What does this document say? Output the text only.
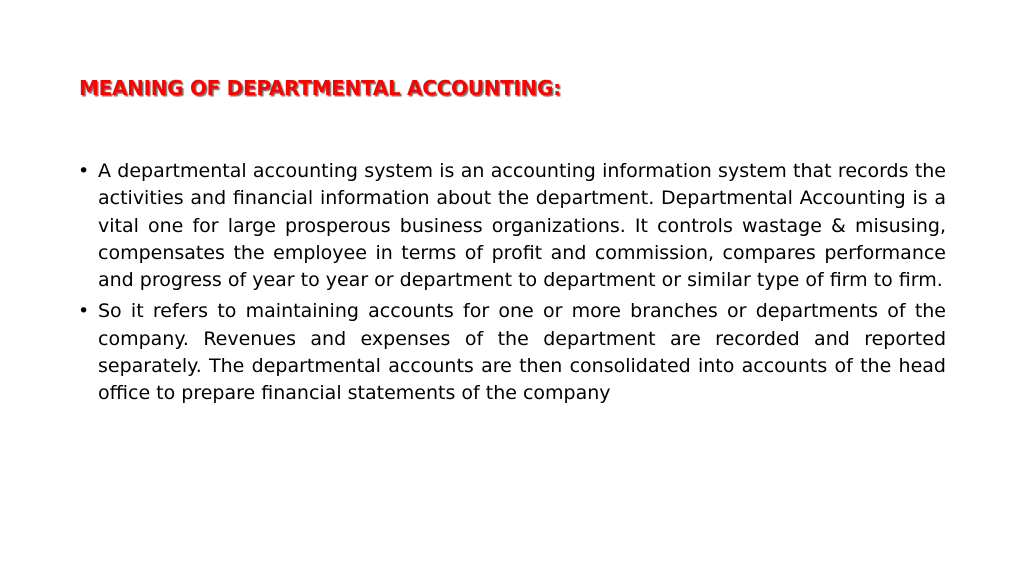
MEANING OF DEPARTMENTAL ACCOUNTING:
• A departmental accounting system is an accounting information system that records the activities and financial information about the department. Departmental Accounting is a vital one for large prosperous business organizations. It controls wastage & misusing, compensates the employee in terms of profit and commission, compares performance and progress of year to year or department to department or similar type of firm to firm.
• So it refers to maintaining accounts for one or more branches or departments of the company. Revenues and expenses of the department are recorded and reported separately. The departmental accounts are then consolidated into accounts of the head office to prepare financial statements of the company
